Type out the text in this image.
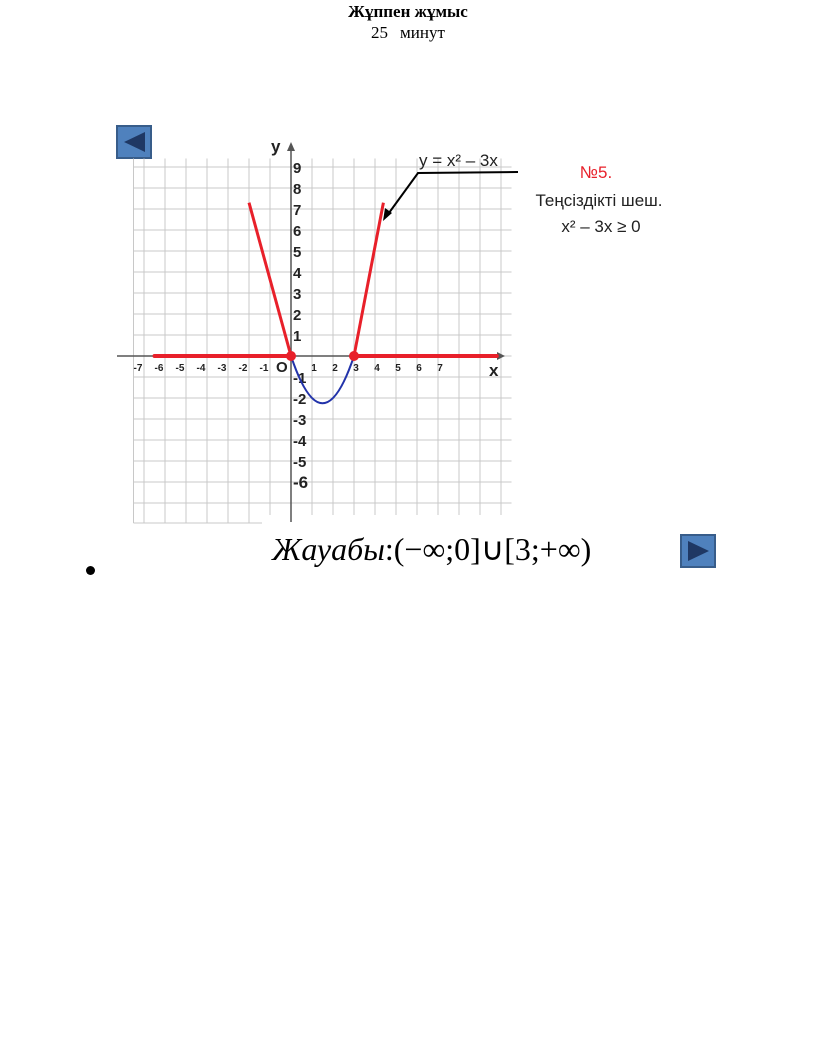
Жұппен жұмыс
25 минут
-7 -6 -5 -4 -3 -2 -1	1 2 3 4 5 6 7
9
8
7
6
5
4
3
2
1
-1
-2
-3
-4
-5
-6
x
y
O
y = x² – 3x
№5.
Теңсіздікті шеш.
x² – 3x ≥ 0
Жауабы:(−∞;0]∪[3;+∞)
